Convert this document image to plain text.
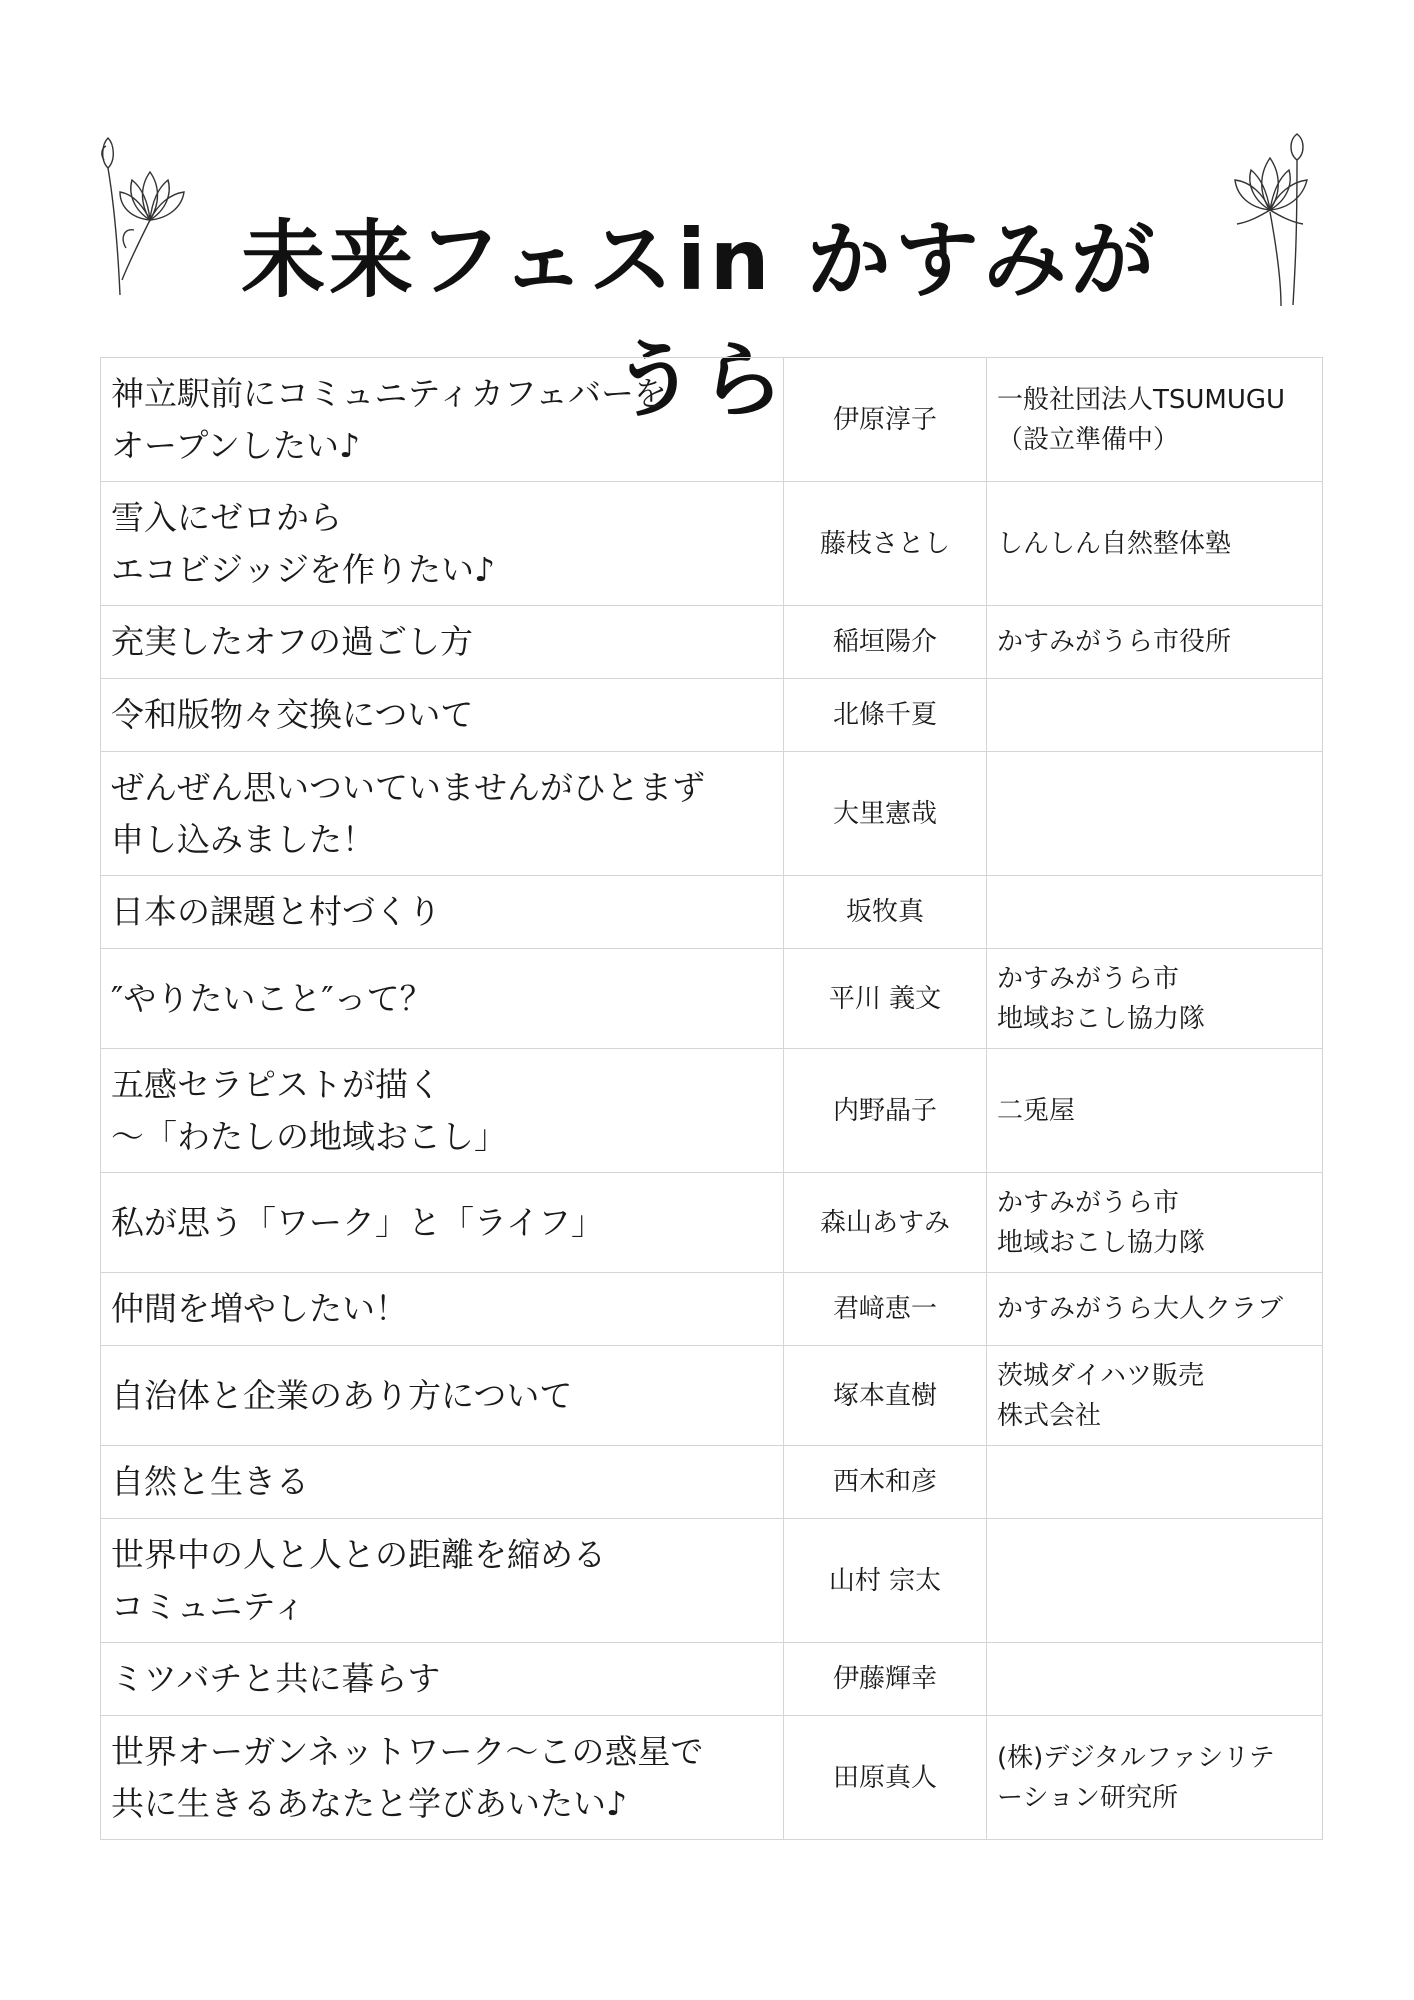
未来フェスin かすみがうら
神立駅前にコミュニティカフェバーを
オープンしたい♪	伊原淳子	一般社団法人TSUMUGU
（設立準備中）

雪入にゼロから
エコビジッジを作りたい♪	藤枝さとし	しんしん自然整体塾

充実したオフの過ごし方	稲垣陽介	かすみがうら市役所

令和版物々交換について	北條千夏	

ぜんぜん思いついていませんがひとまず
申し込みました！	大里憲哉	

日本の課題と村づくり	坂牧真	

″やりたいこと″って？	平川 義文	かすみがうら市
地域おこし協力隊

五感セラピストが描く
〜「わたしの地域おこし」	内野晶子	二兎屋

私が思う「ワーク」と「ライフ」	森山あすみ	かすみがうら市
地域おこし協力隊

仲間を増やしたい！	君﨑恵一	かすみがうら大人クラブ

自治体と企業のあり方について	塚本直樹	茨城ダイハツ販売
株式会社

自然と生きる	西木和彦	

世界中の人と人との距離を縮める
コミュニティ	山村 宗太	

ミツバチと共に暮らす	伊藤輝幸	

世界オーガンネットワーク〜この惑星で
共に生きるあなたと学びあいたい♪	田原真人	(株)デジタルファシリテ
ーション研究所
